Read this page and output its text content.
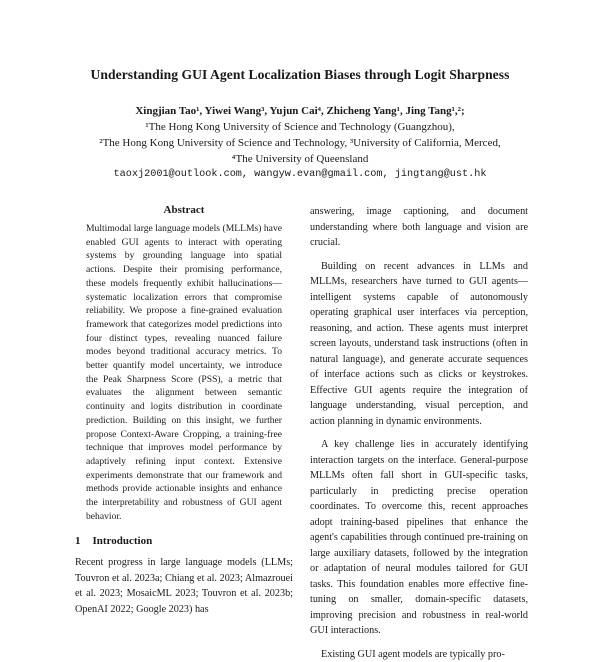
Understanding GUI Agent Localization Biases through Logit Sharpness
Xingjian Tao¹, Yiwei Wang³, Yujun Cai⁴, Zhicheng Yang¹, Jing Tang¹,²;
¹The Hong Kong University of Science and Technology (Guangzhou),
²The Hong Kong University of Science and Technology, ³University of California, Merced,
⁴The University of Queensland
taoxj2001@outlook.com, wangyw.evan@gmail.com, jingtang@ust.hk
Abstract
Multimodal large language models (MLLMs) have enabled GUI agents to interact with operating systems by grounding language into spatial actions. Despite their promising performance, these models frequently exhibit hallucinations—systematic localization errors that compromise reliability. We propose a fine-grained evaluation framework that categorizes model predictions into four distinct types, revealing nuanced failure modes beyond traditional accuracy metrics. To better quantify model uncertainty, we introduce the Peak Sharpness Score (PSS), a metric that evaluates the alignment between semantic continuity and logits distribution in coordinate prediction. Building on this insight, we further propose Context-Aware Cropping, a training-free technique that improves model performance by adaptively refining input context. Extensive experiments demonstrate that our framework and methods provide actionable insights and enhance the interpretability and robustness of GUI agent behavior.
1 Introduction

Recent progress in large language models (LLMs; Touvron et al. 2023a; Chiang et al. 2023; Almazrouei et al. 2023; MosaicML 2023; Touvron et al. 2023b; OpenAI 2022; Google 2023) has

answering, image captioning, and document understanding where both language and vision are crucial.

Building on recent advances in LLMs and MLLMs, researchers have turned to GUI agents—intelligent systems capable of autonomously operating graphical user interfaces via perception, reasoning, and action. These agents must interpret screen layouts, understand task instructions (often in natural language), and generate accurate sequences of interface actions such as clicks or keystrokes. Effective GUI agents require the integration of language understanding, visual perception, and action planning in dynamic environments.

A key challenge lies in accurately identifying interaction targets on the interface. General-purpose MLLMs often fall short in GUI-specific tasks, particularly in predicting precise operation coordinates. To overcome this, recent approaches adopt training-based pipelines that enhance the agent's capabilities through continued pre-training on large auxiliary datasets, followed by the integration or adaptation of neural modules tailored for GUI tasks. This foundation enables more effective fine-tuning on smaller, domain-specific datasets, improving precision and robustness in real-world GUI interactions.

Existing GUI agent models are typically pro-
